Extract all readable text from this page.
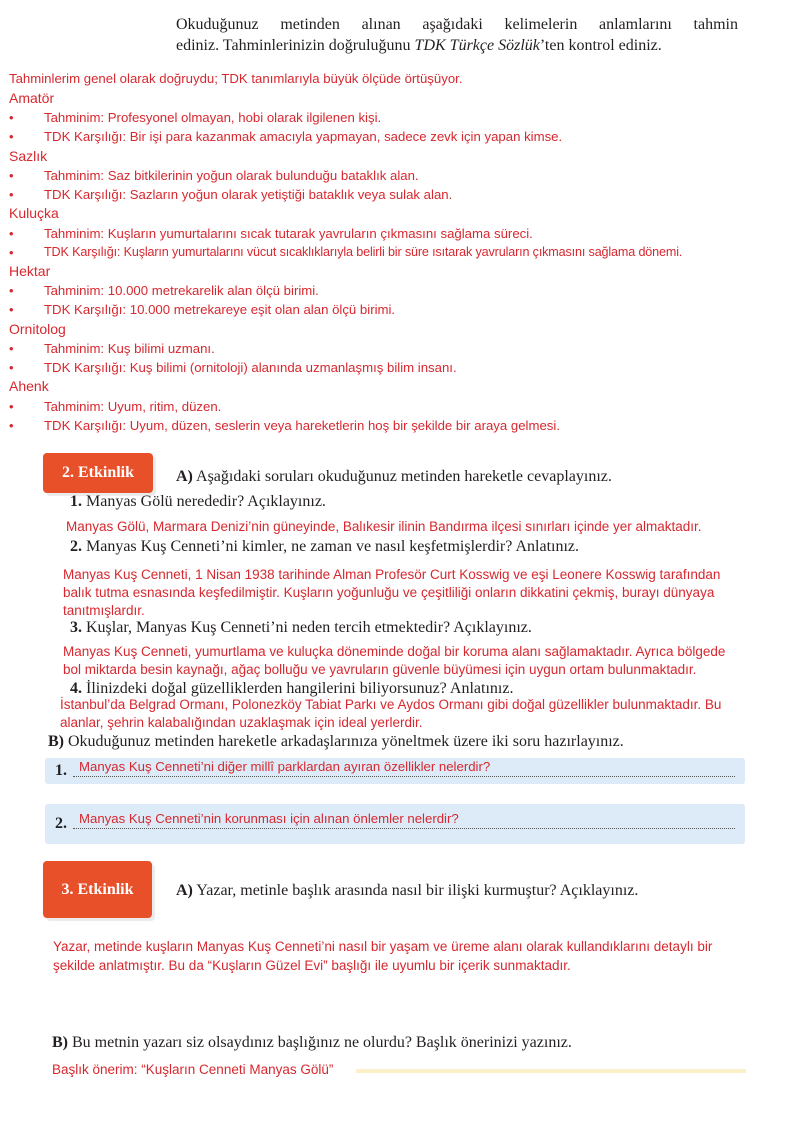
Okuduğunuz metinden alınan aşağıdaki kelimelerin anlamlarını tahmin
ediniz. Tahminlerinizin doğruluğunu TDK Türkçe Sözlük’ten kontrol ediniz.
Tahminlerim genel olarak doğruydu; TDK tanımlarıyla büyük ölçüde örtüşüyor.
Amatör
• Tahminim: Profesyonel olmayan, hobi olarak ilgilenen kişi.
• TDK Karşılığı: Bir işi para kazanmak amacıyla yapmayan, sadece zevk için yapan kimse.
Sazlık
• Tahminim: Saz bitkilerinin yoğun olarak bulunduğu bataklık alan.
• TDK Karşılığı: Sazların yoğun olarak yetiştiği bataklık veya sulak alan.
Kuluçka
• Tahminim: Kuşların yumurtalarını sıcak tutarak yavruların çıkmasını sağlama süreci.
• TDK Karşılığı: Kuşların yumurtalarını vücut sıcaklıklarıyla belirli bir süre ısıtarak yavruların çıkmasını sağlama dönemi.
Hektar
• Tahminim: 10.000 metrekarelik alan ölçü birimi.
• TDK Karşılığı: 10.000 metrekareye eşit olan alan ölçü birimi.
Ornitolog
• Tahminim: Kuş bilimi uzmanı.
• TDK Karşılığı: Kuş bilimi (ornitoloji) alanında uzmanlaşmış bilim insanı.
Ahenk
• Tahminim: Uyum, ritim, düzen.
• TDK Karşılığı: Uyum, düzen, seslerin veya hareketlerin hoş bir şekilde bir araya gelmesi.
2. Etkinlik	A) Aşağıdaki soruları okuduğunuz metinden hareketle cevaplayınız.
1. Manyas Gölü nerededir? Açıklayınız.
Manyas Gölü, Marmara Denizi’nin güneyinde, Balıkesir ilinin Bandırma ilçesi sınırları içinde yer almaktadır.
2. Manyas Kuş Cenneti’ni kimler, ne zaman ve nasıl keşfetmişlerdir? Anlatınız.
Manyas Kuş Cenneti, 1 Nisan 1938 tarihinde Alman Profesör Curt Kosswig ve eşi Leonere Kosswig tarafından
balık tutma esnasında keşfedilmiştir. Kuşların yoğunluğu ve çeşitliliği onların dikkatini çekmiş, burayı dünyaya
tanıtmışlardır.
3. Kuşlar, Manyas Kuş Cenneti’ni neden tercih etmektedir? Açıklayınız.
Manyas Kuş Cenneti, yumurtlama ve kuluçka döneminde doğal bir koruma alanı sağlamaktadır. Ayrıca bölgede
bol miktarda besin kaynağı, ağaç bolluğu ve yavruların güvenle büyümesi için uygun ortam bulunmaktadır.
4. İlinizdeki doğal güzelliklerden hangilerini biliyorsunuz? Anlatınız.
İstanbul’da Belgrad Ormanı, Polonezköy Tabiat Parkı ve Aydos Ormanı gibi doğal güzellikler bulunmaktadır. Bu
alanlar, şehrin kalabalığından uzaklaşmak için ideal yerlerdir.
B) Okuduğunuz metinden hareketle arkadaşlarınıza yöneltmek üzere iki soru hazırlayınız.
1. Manyas Kuş Cenneti’ni diğer millî parklardan ayıran özellikler nelerdir?
2. Manyas Kuş Cenneti’nin korunması için alınan önlemler nelerdir?
3. Etkinlik	A) Yazar, metinle başlık arasında nasıl bir ilişki kurmuştur? Açıklayınız.
Yazar, metinde kuşların Manyas Kuş Cenneti’ni nasıl bir yaşam ve üreme alanı olarak kullandıklarını detaylı bir
şekilde anlatmıştır. Bu da “Kuşların Güzel Evi” başlığı ile uyumlu bir içerik sunmaktadır.
B) Bu metnin yazarı siz olsaydınız başlığınız ne olurdu? Başlık önerinizi yazınız.
Başlık önerim: “Kuşların Cenneti Manyas Gölü”
